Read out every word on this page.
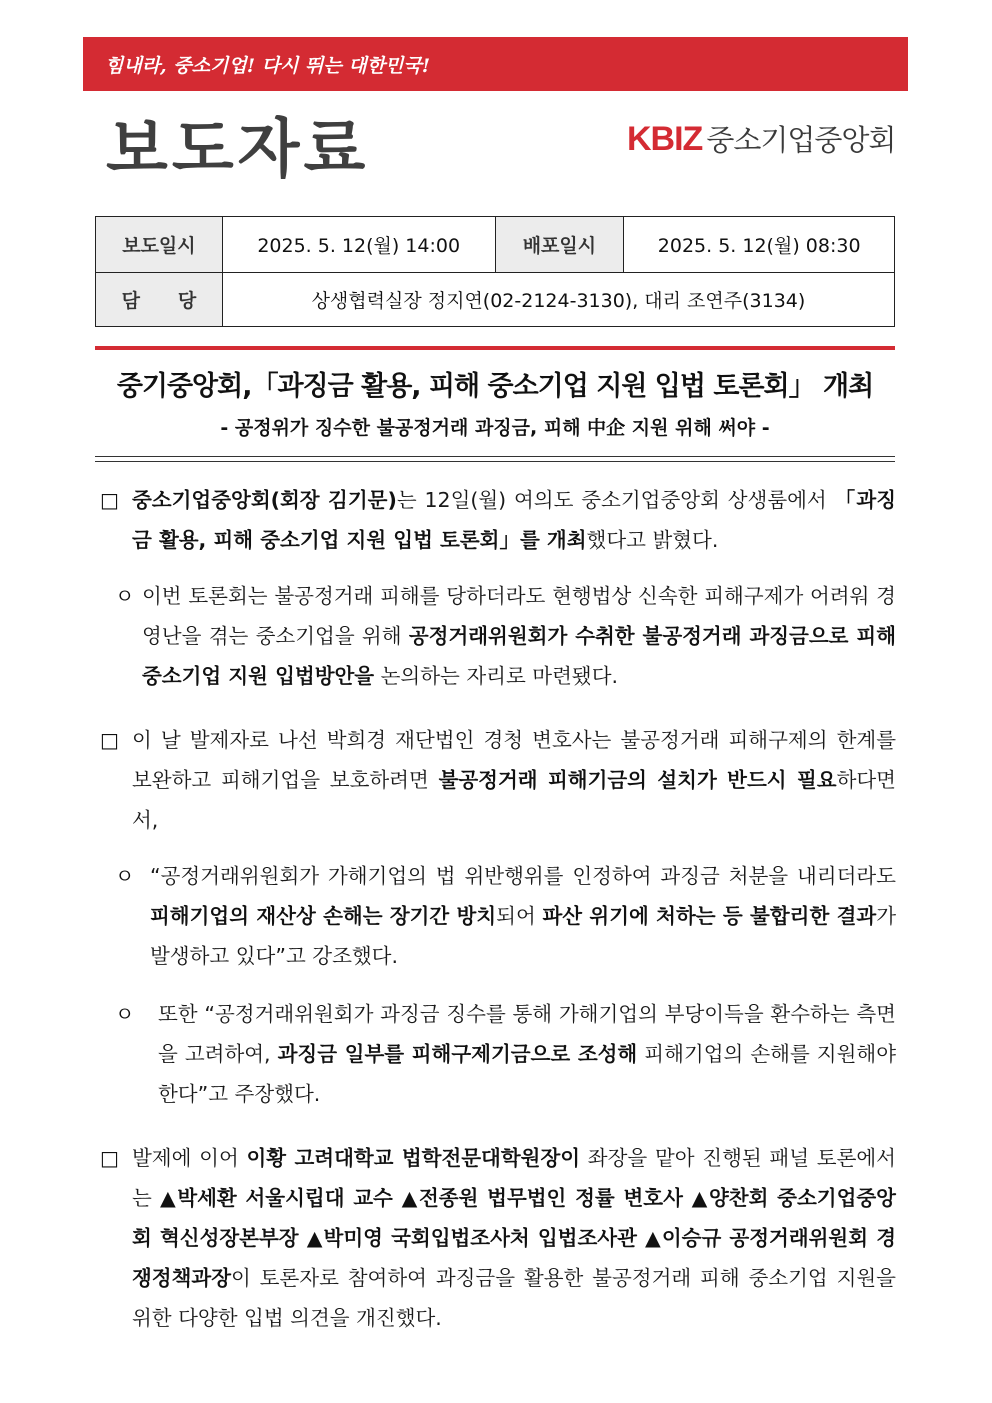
힘내라, 중소기업! 다시 뛰는 대한민국!
보도자료	KBIZ 중소기업중앙회
보도일시	2025. 5. 12(월) 14:00	배포일시	2025. 5. 12(월) 08:30
담　　당	상생협력실장 정지연(02-2124-3130), 대리 조연주(3134)		
중기중앙회,「과징금 활용, 피해 중소기업 지원 입법 토론회」 개최
- 공정위가 징수한 불공정거래 과징금, 피해 中企 지원 위해 써야 -
□ 중소기업중앙회(회장 김기문)는 12일(월) 여의도 중소기업중앙회 상생룸에서 「과징금 활용, 피해 중소기업 지원 입법 토론회」를 개최했다고 밝혔다.
ㅇ 이번 토론회는 불공정거래 피해를 당하더라도 현행법상 신속한 피해구제가 어려워 경영난을 겪는 중소기업을 위해 공정거래위원회가 수취한 불공정거래 과징금으로 피해 중소기업 지원 입법방안을 논의하는 자리로 마련됐다.
□ 이 날 발제자로 나선 박희경 재단법인 경청 변호사는 불공정거래 피해구제의 한계를 보완하고 피해기업을 보호하려면 불공정거래 피해기금의 설치가 반드시 필요하다면서,
ㅇ “공정거래위원회가 가해기업의 법 위반행위를 인정하여 과징금 처분을 내리더라도 피해기업의 재산상 손해는 장기간 방치되어 파산 위기에 처하는 등 불합리한 결과가 발생하고 있다”고 강조했다.
ㅇ 또한 “공정거래위원회가 과징금 징수를 통해 가해기업의 부당이득을 환수하는 측면을 고려하여, 과징금 일부를 피해구제기금으로 조성해 피해기업의 손해를 지원해야한다”고 주장했다.
□ 발제에 이어 이황 고려대학교 법학전문대학원장이 좌장을 맡아 진행된 패널 토론에서는 ▲박세환 서울시립대 교수 ▲전종원 법무법인 정률 변호사 ▲양찬회 중소기업중앙회 혁신성장본부장 ▲박미영 국회입법조사처 입법조사관 ▲이승규 공정거래위원회 경쟁정책과장이 토론자로 참여하여 과징금을 활용한 불공정거래 피해 중소기업 지원을 위한 다양한 입법 의견을 개진했다.
